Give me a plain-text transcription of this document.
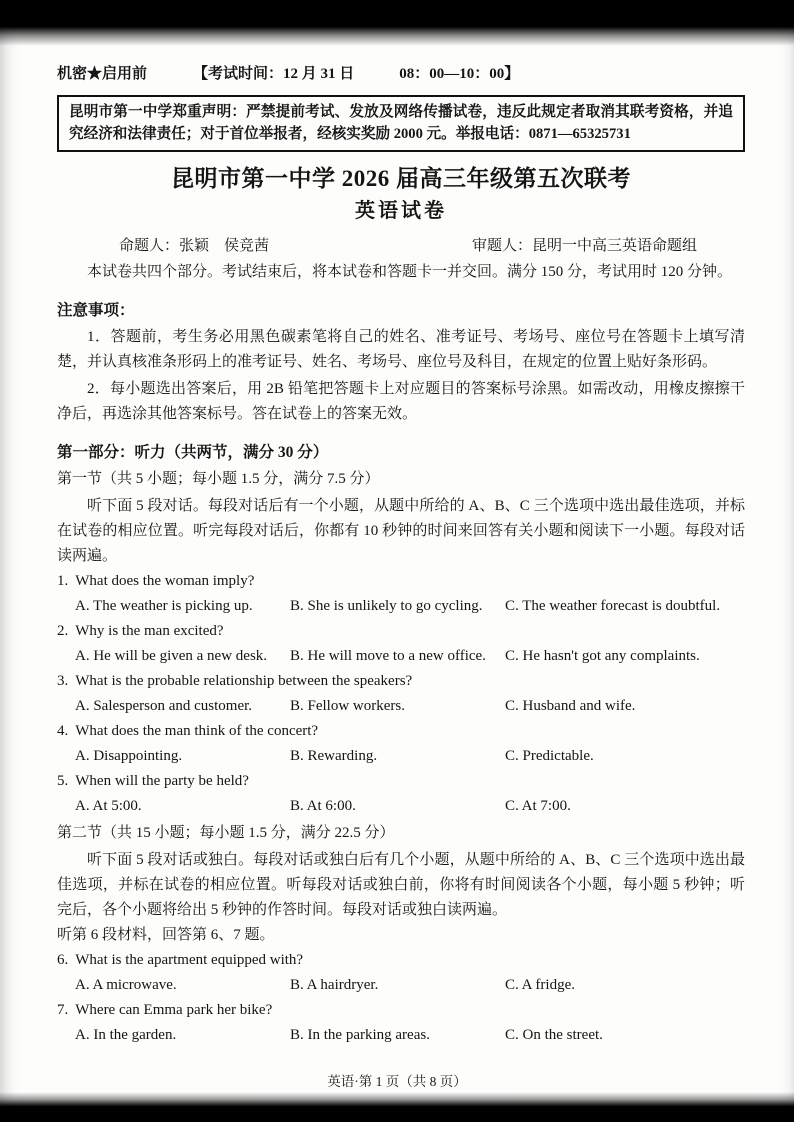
机密★启用前	【考试时间：12 月 31 日　　　08：00—10：00】
昆明市第一中学郑重声明：严禁提前考试、发放及网络传播试卷，违反此规定者取消其联考资格，并追究经济和法律责任；对于首位举报者，经核实奖励 2000 元。举报电话：0871—65325731
昆明市第一中学 2026 届高三年级第五次联考
英语试卷
命题人：张颖　侯竞茜	审题人：昆明一中高三英语命题组

本试卷共四个部分。考试结束后，将本试卷和答题卡一并交回。满分 150 分，考试用时 120 分钟。

注意事项：

1．答题前，考生务必用黑色碳素笔将自己的姓名、准考证号、考场号、座位号在答题卡上填写清楚，并认真核准条形码上的准考证号、姓名、考场号、座位号及科目，在规定的位置上贴好条形码。

2．每小题选出答案后，用 2B 铅笔把答题卡上对应题目的答案标号涂黑。如需改动，用橡皮擦擦干净后，再选涂其他答案标号。答在试卷上的答案无效。

第一部分：听力（共两节，满分 30 分）
第一节（共 5 小题；每小题 1.5 分，满分 7.5 分）

听下面 5 段对话。每段对话后有一个小题，从题中所给的 A、B、C 三个选项中选出最佳选项，并标在试卷的相应位置。听完每段对话后，你都有 10 秒钟的时间来回答有关小题和阅读下一小题。每段对话读两遍。

1. What does the woman imply?
A. The weather is picking up.	B. She is unlikely to go cycling.	C. The weather forecast is doubtful.
2. Why is the man excited?
A. He will be given a new desk.	B. He will move to a new office.	C. He hasn't got any complaints.
3. What is the probable relationship between the speakers?
A. Salesperson and customer.	B. Fellow workers.	C. Husband and wife.
4. What does the man think of the concert?
A. Disappointing.	B. Rewarding.	C. Predictable.
5. When will the party be held?
A. At 5:00.	B. At 6:00.	C. At 7:00.
第二节（共 15 小题；每小题 1.5 分，满分 22.5 分）

听下面 5 段对话或独白。每段对话或独白后有几个小题，从题中所给的 A、B、C 三个选项中选出最佳选项，并标在试卷的相应位置。听每段对话或独白前，你将有时间阅读各个小题，每小题 5 秒钟；听完后，各个小题将给出 5 秒钟的作答时间。每段对话或独白读两遍。

听第 6 段材料，回答第 6、7 题。
6. What is the apartment equipped with?
A. A microwave.	B. A hairdryer.	C. A fridge.
7. Where can Emma park her bike?
A. In the garden.	B. In the parking areas.	C. On the street.
英语·第 1 页（共 8 页）
